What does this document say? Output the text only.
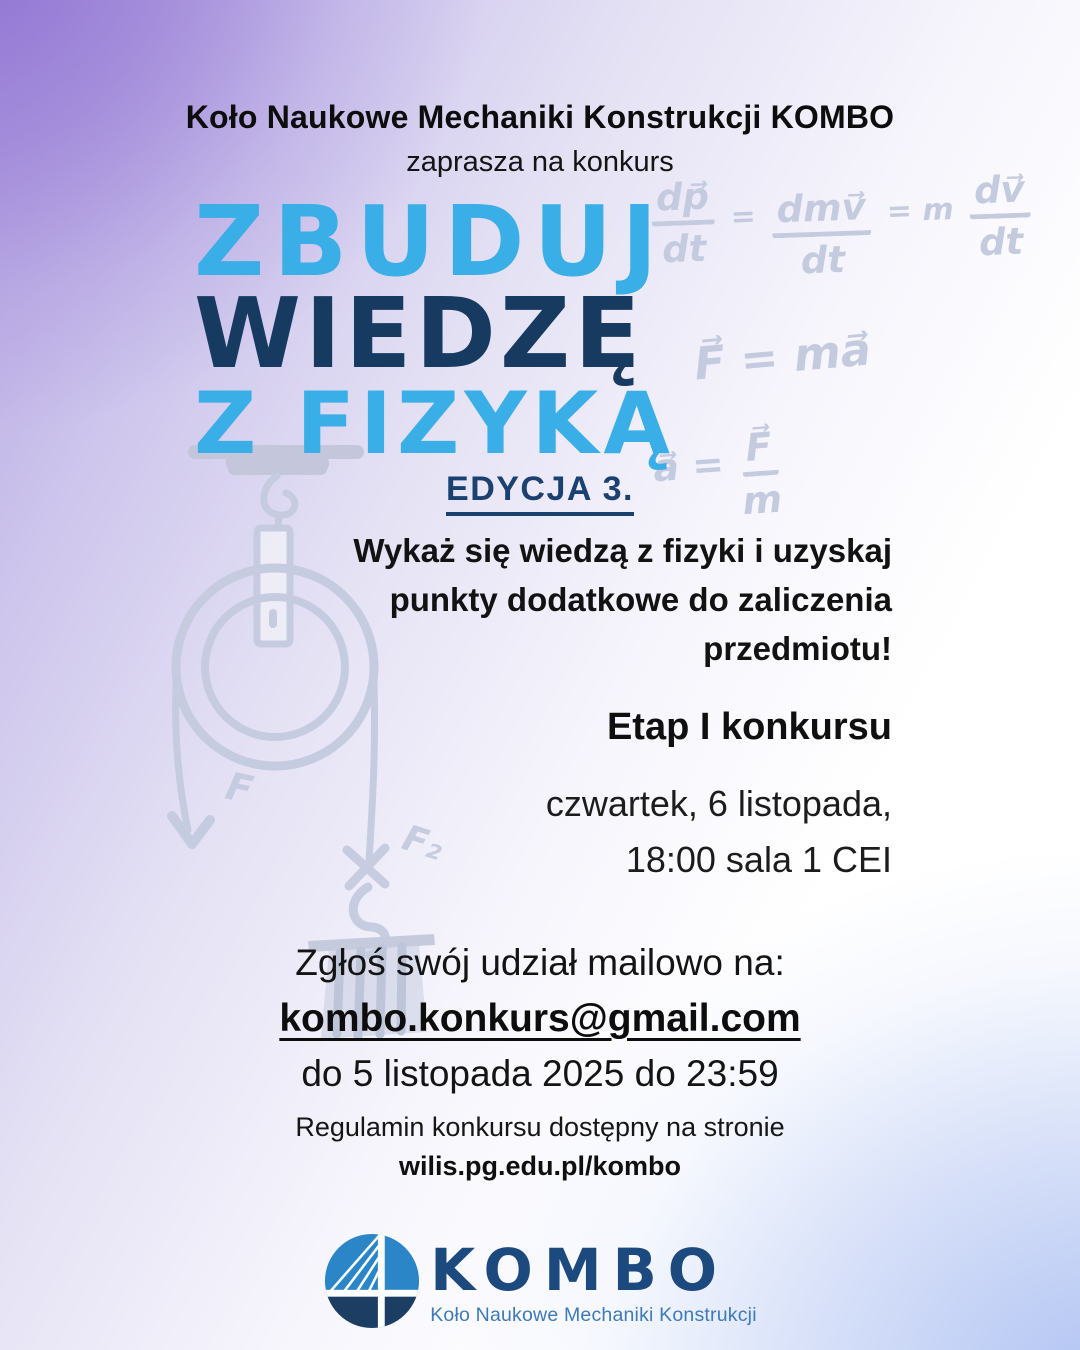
F
F₂
$\frac{dp⃗}{dt} = \frac{\text{dmv⃗}}{dt} = m \frac{dv⃗}{dt}$
F⃗ = ma⃗
a⃗ = $\frac{F⃗}{m}$
Koło Naukowe Mechaniki Konstrukcji KOMBO
zaprasza na konkurs
ZBUDUJ
WIEDZĘ
Z FIZYKĄ
EDYCJA 3.
Wykaż się wiedzą z fizyki i uzyskaj
punkty dodatkowe do zaliczenia
przedmiotu!
Etap I konkursu
czwartek, 6 listopada,
18:00 sala 1 CEI
Zgłoś swój udział mailowo na:
kombo.konkurs@gmail.com
do 5 listopada 2025 do 23:59
Regulamin konkursu dostępny na stronie
wilis.pg.edu.pl/kombo
KOMBO
Koło Naukowe Mechaniki Konstrukcji
